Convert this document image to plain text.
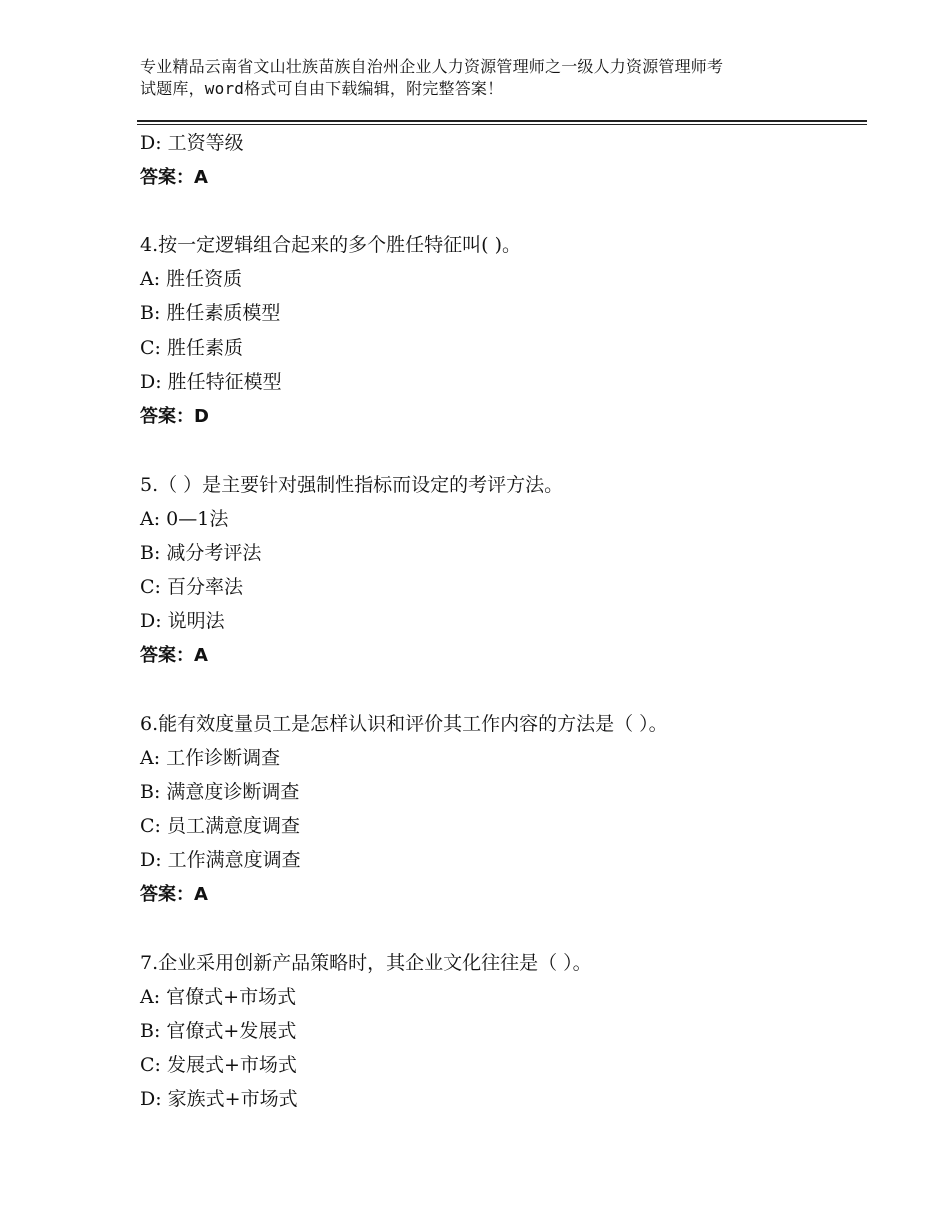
专业精品云南省文山壮族苗族自治州企业人力资源管理师之一级人力资源管理师考
试题库，word格式可自由下载编辑，附完整答案！
D: 工资等级
答案：A
4.按一定逻辑组合起来的多个胜任特征叫( )。
A: 胜任资质
B: 胜任素质模型
C: 胜任素质
D: 胜任特征模型
答案：D
5.（ ）是主要针对强制性指标而设定的考评方法。
A: 0—1法
B: 减分考评法
C: 百分率法
D: 说明法
答案：A
6.能有效度量员工是怎样认识和评价其工作内容的方法是（ ）。
A: 工作诊断调查
B: 满意度诊断调查
C: 员工满意度调查
D: 工作满意度调查
答案：A
7.企业采用创新产品策略时，其企业文化往往是（ ）。
A: 官僚式+市场式
B: 官僚式+发展式
C: 发展式+市场式
D: 家族式+市场式
